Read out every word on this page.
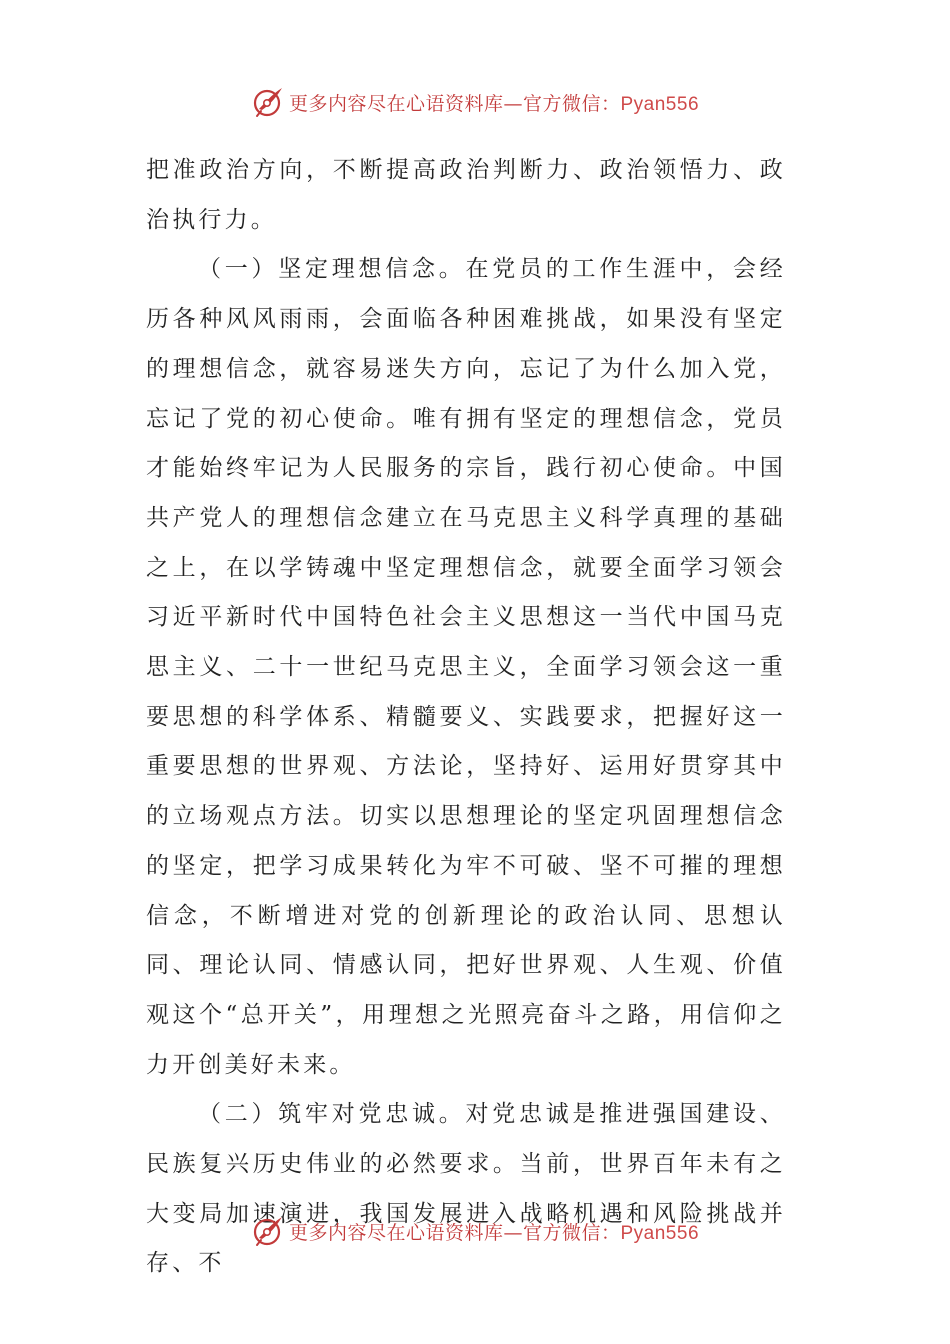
更多内容尽在心语资料库—官方微信：Pyan556

把准政治方向，不断提高政治判断力、政治领悟力、政治执行力。

（一）坚定理想信念。在党员的工作生涯中，会经历各种风风雨雨，会面临各种困难挑战，如果没有坚定的理想信念，就容易迷失方向，忘记了为什么加入党，忘记了党的初心使命。唯有拥有坚定的理想信念，党员才能始终牢记为人民服务的宗旨，践行初心使命。中国共产党人的理想信念建立在马克思主义科学真理的基础之上，在以学铸魂中坚定理想信念，就要全面学习领会习近平新时代中国特色社会主义思想这一当代中国马克思主义、二十一世纪马克思主义，全面学习领会这一重要思想的科学体系、精髓要义、实践要求，把握好这一重要思想的世界观、方法论，坚持好、运用好贯穿其中的立场观点方法。切实以思想理论的坚定巩固理想信念的坚定，把学习成果转化为牢不可破、坚不可摧的理想信念，不断增进对党的创新理论的政治认同、思想认同、理论认同、情感认同，把好世界观、人生观、价值观这个“总开关”，用理想之光照亮奋斗之路，用信仰之力开创美好未来。

（二）筑牢对党忠诚。对党忠诚是推进强国建设、民族复兴历史伟业的必然要求。当前，世界百年未有之大变局加速演进，我国发展进入战略机遇和风险挑战并存、不

更多内容尽在心语资料库—官方微信：Pyan556
